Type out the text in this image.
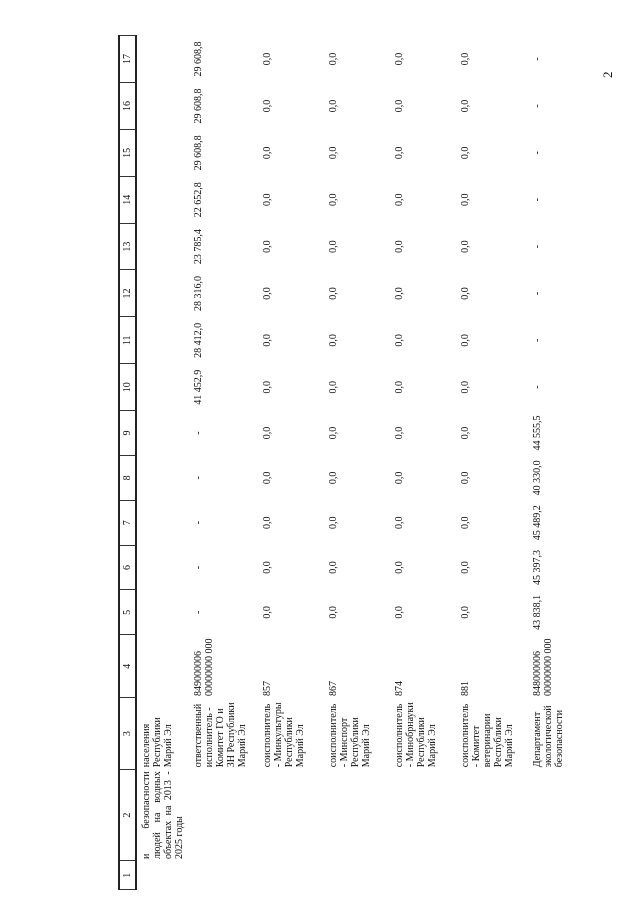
2
1	2	3	4	5	6	7	8	9	10	11	12	13	14	15	16	17
	и безопасности людей на водных объектах на 2013 - 2025 годы	населения Республики Марий Эл														
		ответственный исполнитель - Комитет ГО и ЗН Республики Марий Эл	849000006 00000000 000	-	-	-	-	-	41 452,9	28 412,0	28 316,0	23 785,4	22 652,8	29 608,8	29 608,8	29 608,8
		соисполнитель - Минкультуры Республики Марий Эл	857	0,0	0,0	0,0	0,0	0,0	0,0	0,0	0,0	0,0	0,0	0,0	0,0	0,0
		соисполнитель - Минспорт Республики Марий Эл	867	0,0	0,0	0,0	0,0	0,0	0,0	0,0	0,0	0,0	0,0	0,0	0,0	0,0
		соисполнитель - Минобрнауки Республики Марий Эл	874	0,0	0,0	0,0	0,0	0,0	0,0	0,0	0,0	0,0	0,0	0,0	0,0	0,0
		соисполнитель - Комитет ветеринарии Республики Марий Эл	881	0,0	0,0	0,0	0,0	0,0	0,0	0,0	0,0	0,0	0,0	0,0	0,0	0,0
		Департамент экологической безопасности	848000006 00000000 000	43 838,1	45 397,3	45 489,2	40 330,0	44 555,5	-	-	-	-	-	-	-	-
